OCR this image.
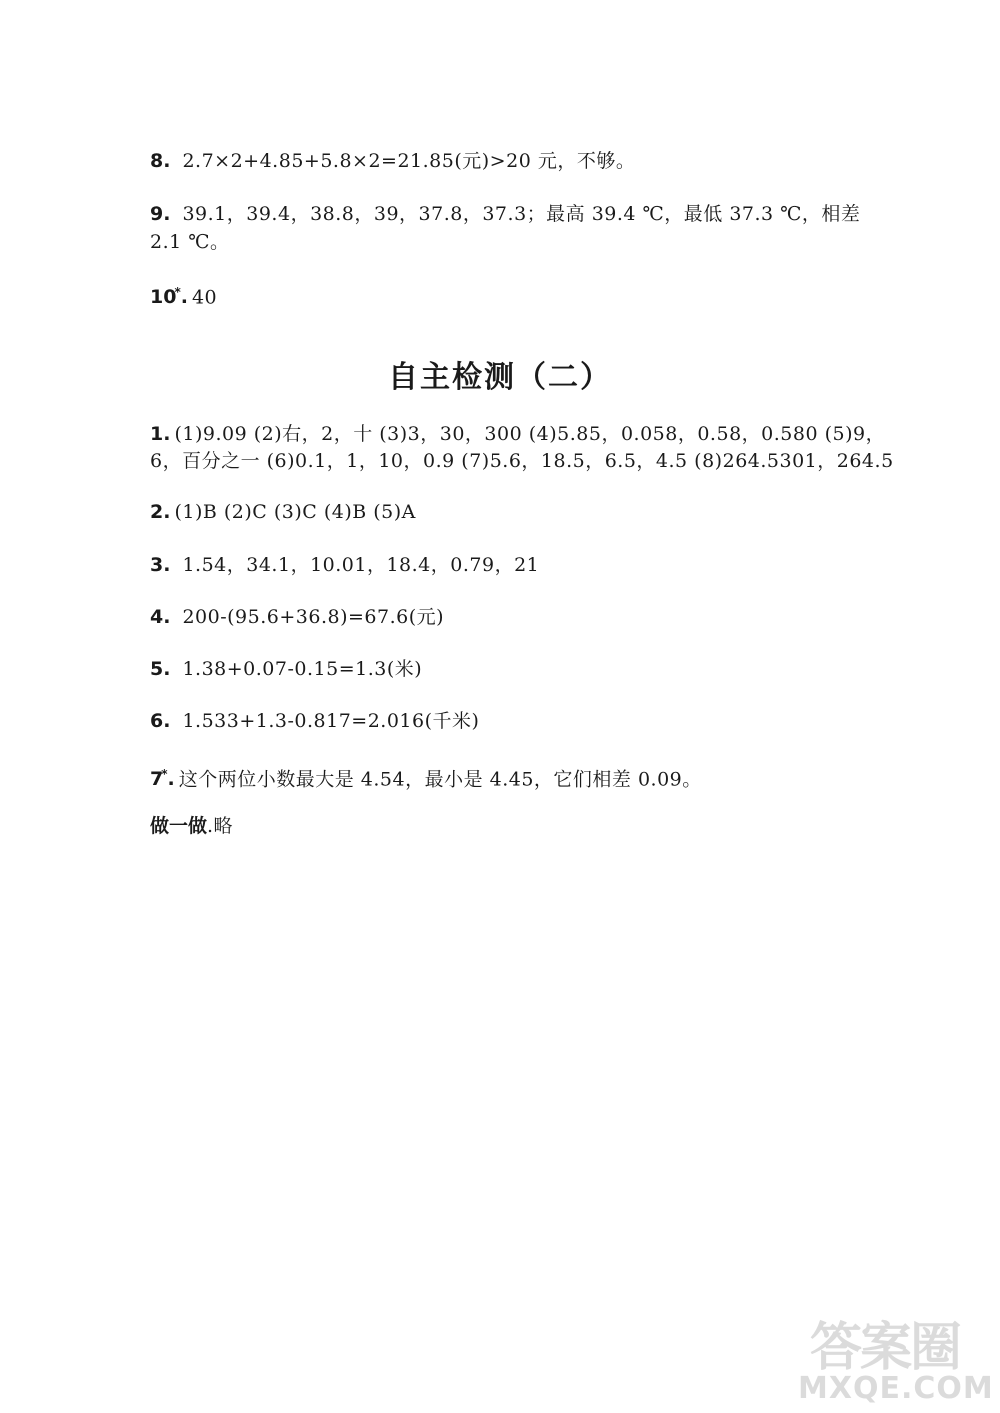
8. 2.7×2+4.85+5.8×2=21.85(元)>20 元，不够。
9. 39.1，39.4，38.8，39，37.8，37.3；最高 39.4 ℃，最低 37.3 ℃，相差
2.1 ℃。
10*. 40
自主检测（二）
1. (1)9.09 (2)右，2，十 (3)3，30，300 (4)5.85，0.058，0.58，0.580 (5)9，
6，百分之一 (6)0.1，1，10，0.9 (7)5.6，18.5，6.5，4.5 (8)264.5301，264.5
2. (1)B (2)C (3)C (4)B (5)A
3. 1.54，34.1，10.01，18.4，0.79，21
4. 200-(95.6+36.8)=67.6(元)
5. 1.38+0.07-0.15=1.3(米)
6. 1.533+1.3-0.817=2.016(千米)
7*. 这个两位小数最大是 4.54，最小是 4.45，它们相差 0.09。
做一做.略
答案圈
MXQE.COM
